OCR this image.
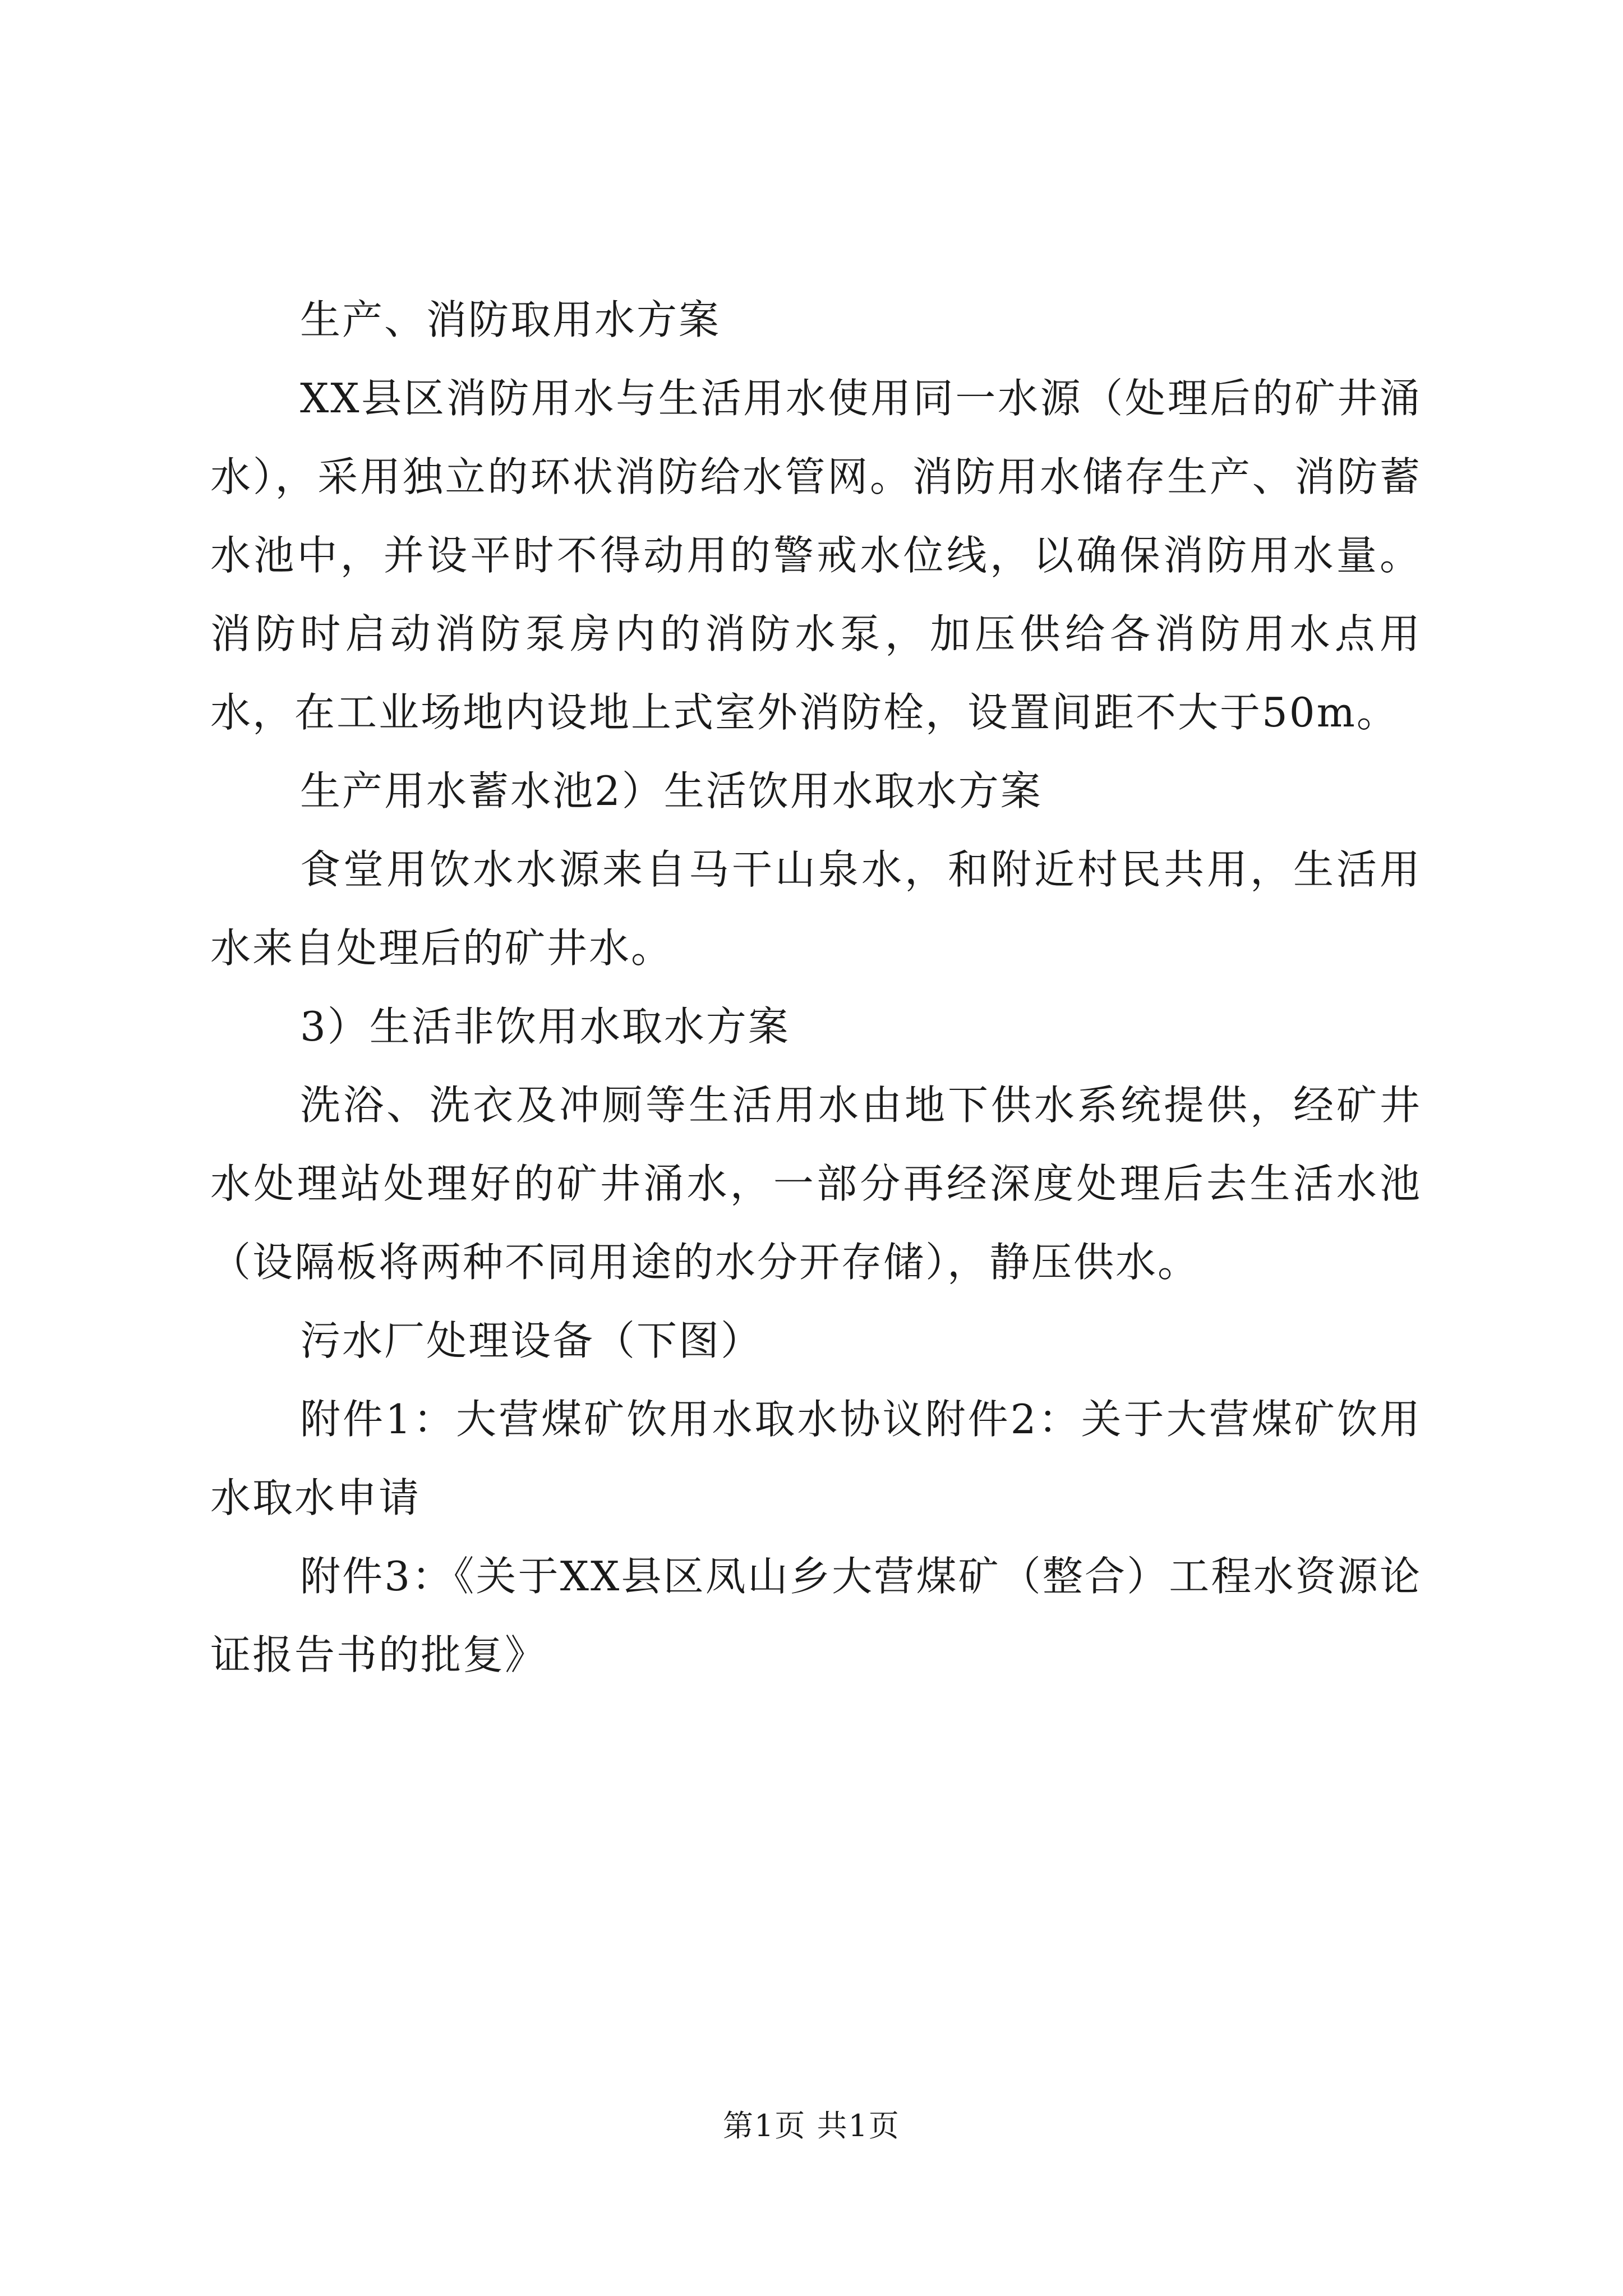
生产、消防取用水方案

XX县区消防用水与生活用水使用同一水源（处理后的矿井涌水），采用独立的环状消防给水管网。消防用水储存生产、消防蓄水池中，并设平时不得动用的警戒水位线，以确保消防用水量。消防时启动消防泵房内的消防水泵，加压供给各消防用水点用水，在工业场地内设地上式室外消防栓，设置间距不大于50m。

生产用水蓄水池2）生活饮用水取水方案

食堂用饮水水源来自马干山泉水，和附近村民共用，生活用水来自处理后的矿井水。

3）生活非饮用水取水方案

洗浴、洗衣及冲厕等生活用水由地下供水系统提供，经矿井水处理站处理好的矿井涌水，一部分再经深度处理后去生活水池（设隔板将两种不同用途的水分开存储），静压供水。

污水厂处理设备（下图）

附件1：大营煤矿饮用水取水协议附件2：关于大营煤矿饮用水取水申请

附件3：《关于XX县区凤山乡大营煤矿（整合）工程水资源论证报告书的批复》

第1页 共1页
